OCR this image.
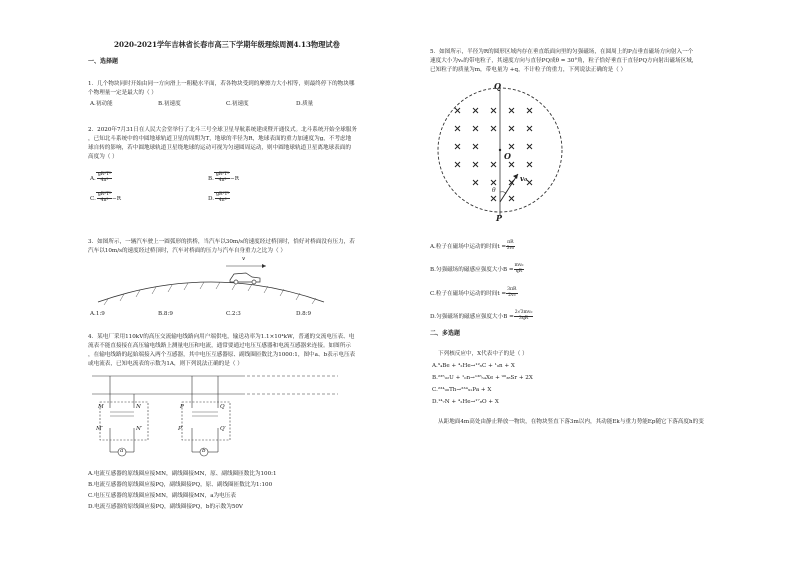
2020-2021学年吉林省长春市高三下学期年级理综周测4.13物理试卷
一、选择题
1．几个物块同时开始由同一方向滑上一粗糙水平面，若各物块受到的摩擦力大小相等，则最终停下的物块哪
个物理量一定是最大的（ ）
A.初动能	B.初速度	C.初速度	D.质量
2．2020年7月31日在人民大会堂举行了北斗三号全球卫星导航系统建成暨开通仪式。北斗系统开始全球服务
，已知北斗系统中的中圆地球轨道卫星的周期为T，地球的半径为R，地球表面的重力加速度为g，不考虑地
球自转的影响，若中圆地球轨道卫星绕地球的运动可视为匀速圆周运动，则中圆地球轨道卫星离地球表面的
高度为（ ）
A. $\frac{\text{gR²T²}}{\text{4π²}}$	B. $\frac{\text{gR²T²}}{\text{4π²}} -R$
C. $\frac{\text{gR²T²}}{\text{4π²}} -R$	D. $\frac{\text{gR²T²}}{\text{4π²}}$
3．如图所示，一辆汽车驶上一圆弧形的拱桥，当汽车以30m/s的速度经过桥顶时，恰好对桥面没有压力，若
汽车以10m/s的速度经过桥顶时，汽车对桥面的压力与汽车自身重力之比为（ ）
v
A.1:9	B.8:9	C.2:3	D.8:9
4．某电厂采用110kV的高压交流输电线路向用户端供电，输送功率为1.1×10⁴kW，普通的交流电压表、电
流表不能直接接在高压输电线路上测量电压和电流，通常要通过电压互感器和电流互感器来连接。如图所示
，在输电线路的起始端接入两个互感器，其中电压互感器原、副线圈匝数比为1000:1，图中a、b表示电压表
或电流表，已知电流表的示数为1A，则下列说法正确的是（ ）
M	N	P	Q
M′	N′	P′	Q′
a	b
A.电流互感器的原线圈应接MN，副线圈接MN，原、副线圈匝数比为100:1
B.电流互感器的原线圈应接PQ，副线圈接PQ，原、副线圈匝数比为1:100
C.电压互感器的原线圈应接MN，副线圈接MN，a为电压表
D.电流互感器的原线圈应接PQ，副线圈接PQ，b的示数为50V
5．如图所示，半径为R的圆形区域内存在垂直纸面向里的匀强磁场，在圆周上的P点垂直磁场方向射入一个
速度大小为v₀的带电粒子，其速度方向与直径PQ成θ = 30°角，粒子恰好垂直于直径PQ方向射出磁场区域，
已知粒子的质量为m，带电量为 +q，不计粒子的重力，下列说法正确的是（ ）
Q
O
v₀
θ
P
A.粒子在磁场中运动的时间$t = \frac{\pi R}{\text{3v₀}}$
B.匀强磁场的磁感应强度大小$B = \frac{\text{mv₀}}{qR}$
C.粒子在磁场中运动的时间$t = \frac{3\pi R}{\text{2v₀}}$
D.匀强磁场的磁感应强度大小$B = \frac{\text{2√3mv₀}}{3qR}$
二、多选题
下列核反应中，X代表中子的是（ ）
A.⁹₄Be + ⁴₂He→¹²₆C + ¹₀n + X
B.²³⁵₉₂U + ¹₀n→¹³⁶₅₄Xe + ⁹⁰₃₈Sr + 2X
C.²³⁴₉₀Th→²³⁴₉₁Pa + X
D.¹⁴₇N + ⁴₂He→¹⁷₈O + X
从距地面4m高处由静止释放一物块，在物块竖直下落3m以内，其动能Ek与重力势能Ep随它下落高度h的变
